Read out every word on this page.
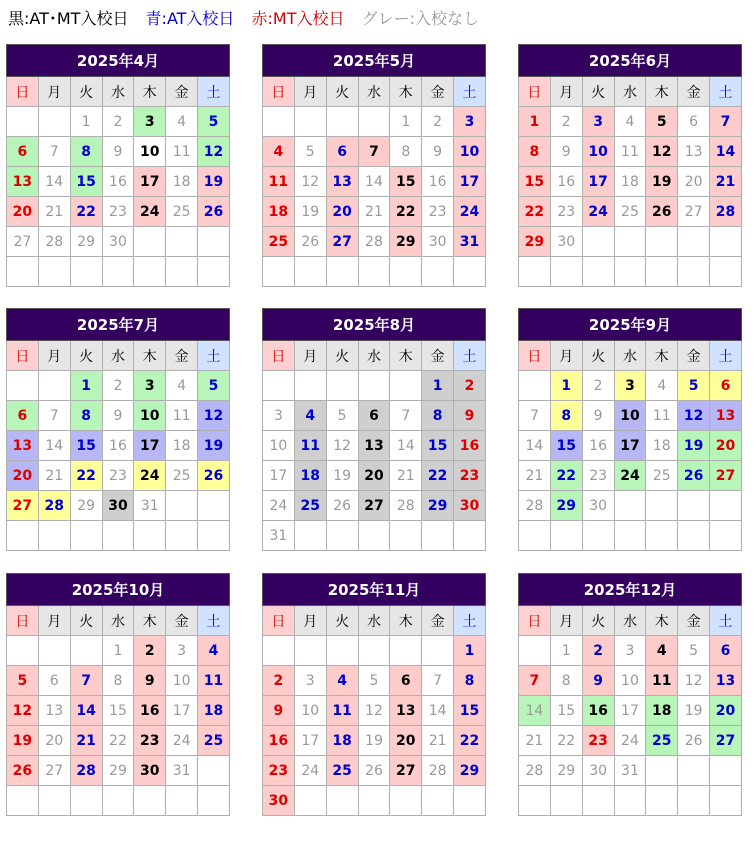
黒:AT･MT入校日 青:AT入校日 赤:MT入校日 グレー:入校なし
2025年4月						
日	月	火	水	木	金	土
		1	2	3	4	5
6	7	8	9	10	11	12
13	14	15	16	17	18	19
20	21	22	23	24	25	26
27	28	29	30			

2025年5月						
日	月	火	水	木	金	土
				1	2	3
4	5	6	7	8	9	10
11	12	13	14	15	16	17
18	19	20	21	22	23	24
25	26	27	28	29	30	31

2025年6月						
日	月	火	水	木	金	土
1	2	3	4	5	6	7
8	9	10	11	12	13	14
15	16	17	18	19	20	21
22	23	24	25	26	27	28
29	30					

2025年7月						
日	月	火	水	木	金	土
		1	2	3	4	5
6	7	8	9	10	11	12
13	14	15	16	17	18	19
20	21	22	23	24	25	26
27	28	29	30	31		

2025年8月						
日	月	火	水	木	金	土
					1	2
3	4	5	6	7	8	9
10	11	12	13	14	15	16
17	18	19	20	21	22	23
24	25	26	27	28	29	30
31						
2025年9月						
日	月	火	水	木	金	土
	1	2	3	4	5	6
7	8	9	10	11	12	13
14	15	16	17	18	19	20
21	22	23	24	25	26	27
28	29	30				

2025年10月						
日	月	火	水	木	金	土
			1	2	3	4
5	6	7	8	9	10	11
12	13	14	15	16	17	18
19	20	21	22	23	24	25
26	27	28	29	30	31	

2025年11月						
日	月	火	水	木	金	土
						1
2	3	4	5	6	7	8
9	10	11	12	13	14	15
16	17	18	19	20	21	22
23	24	25	26	27	28	29
30						
2025年12月						
日	月	火	水	木	金	土
	1	2	3	4	5	6
7	8	9	10	11	12	13
14	15	16	17	18	19	20
21	22	23	24	25	26	27
28	29	30	31			
